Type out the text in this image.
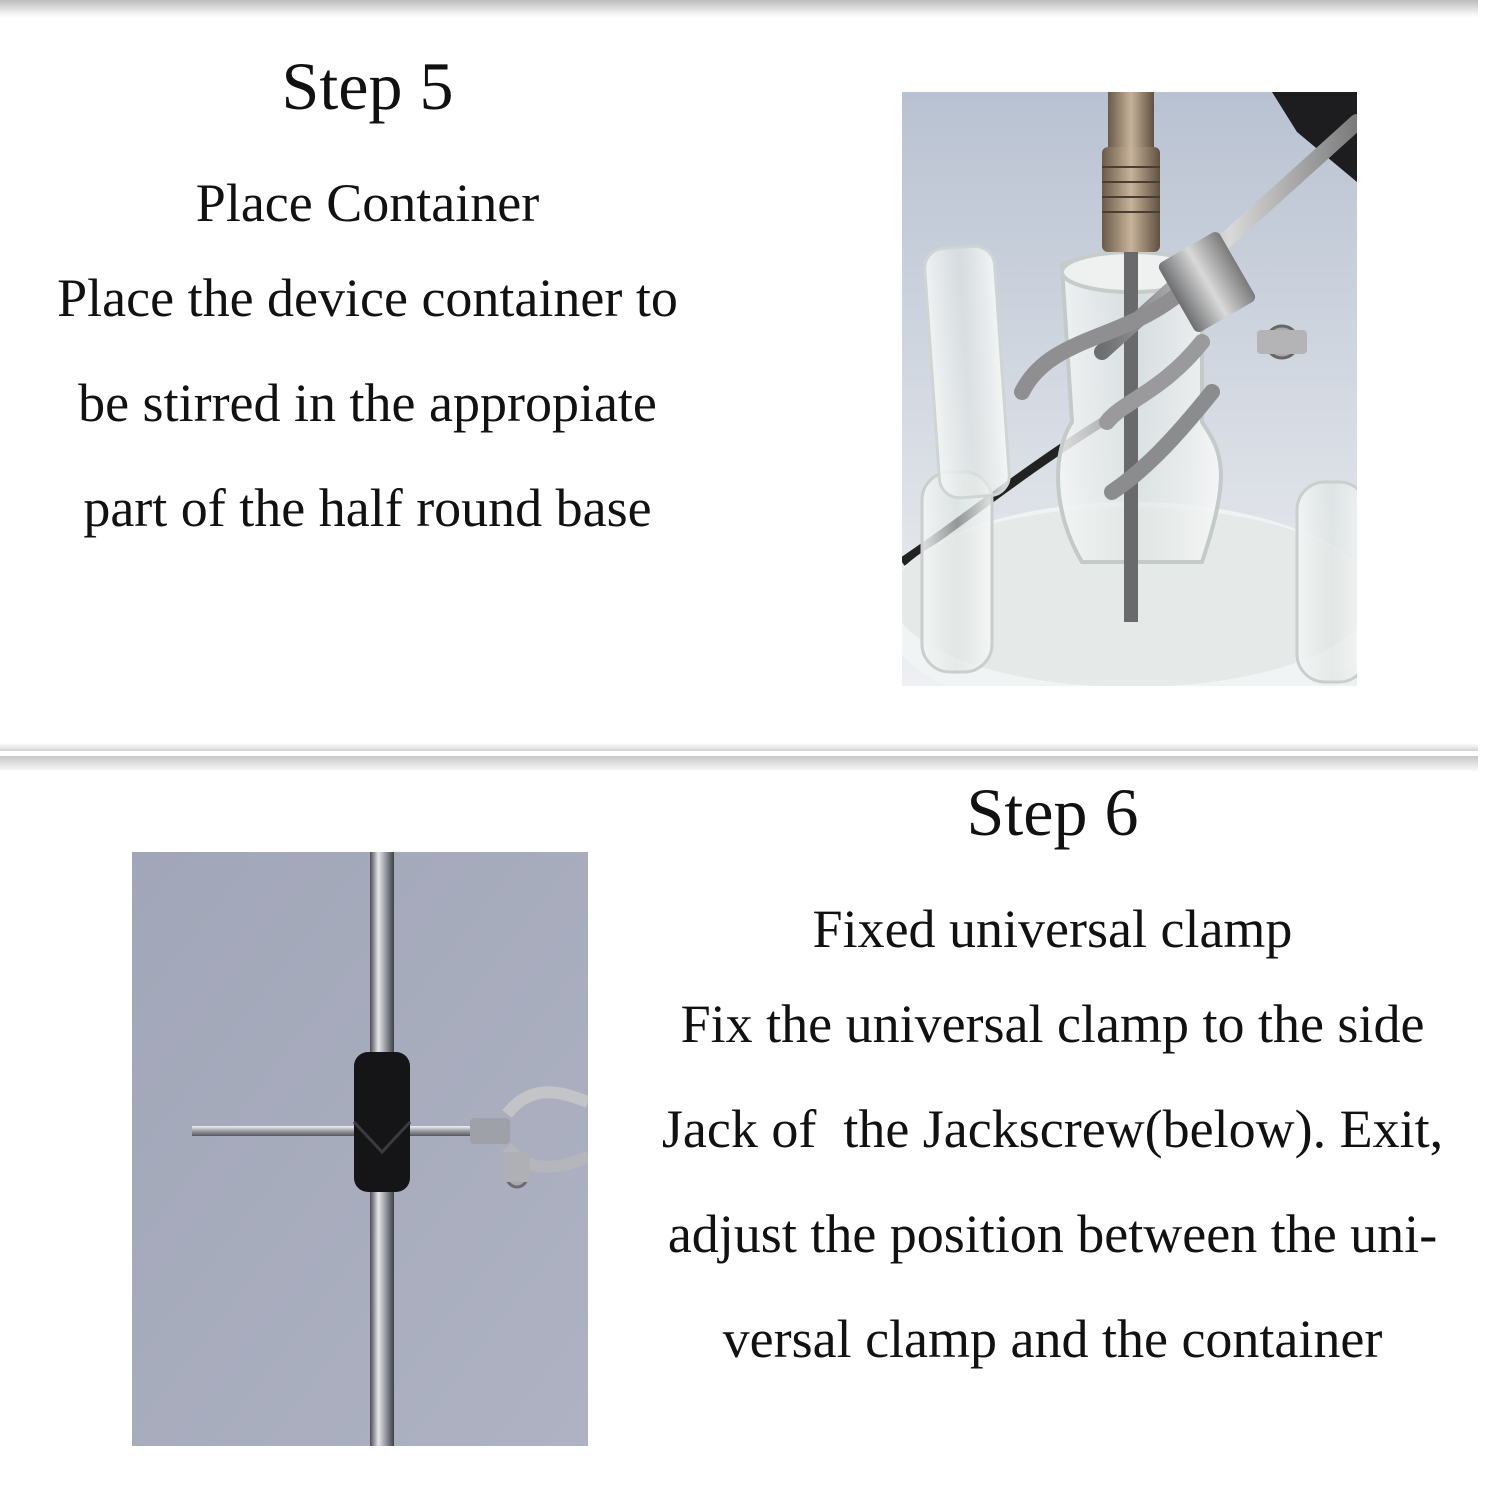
Step 5
Place Container
Place the device container to
be stirred in the appropiate
part of the half round base
Step 6
Fixed universal clamp
Fix the universal clamp to the side
Jack of  the Jackscrew(below). Exit,
adjust the position between the uni-
versal clamp and the container
